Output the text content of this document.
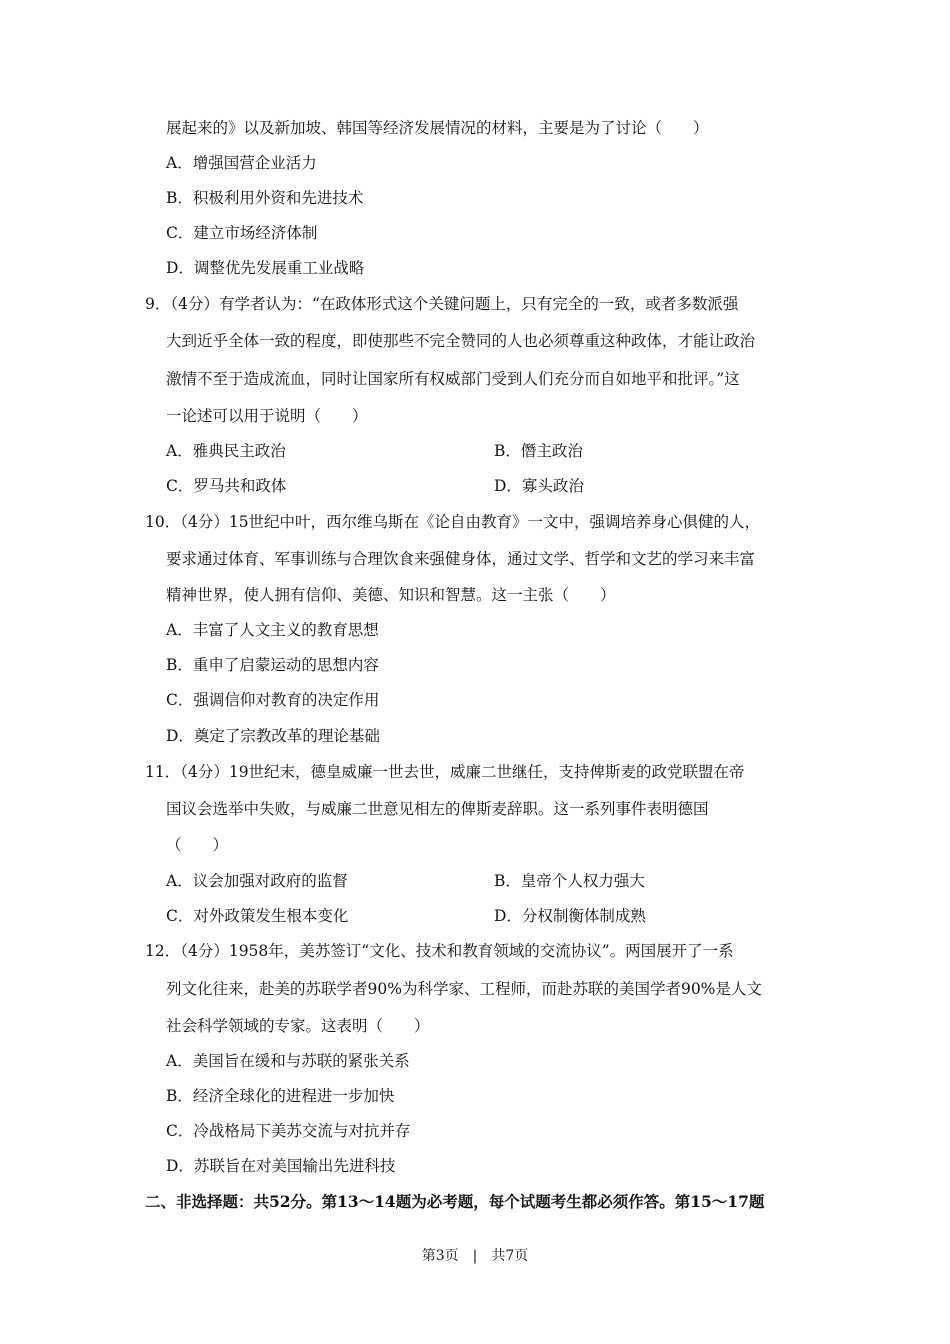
展起来的》以及新加坡、韩国等经济发展情况的材料，主要是为了讨论（　　）
A．增强国营企业活力
B．积极利用外资和先进技术
C．建立市场经济体制
D．调整优先发展重工业战略
9．（4分）有学者认为：“在政体形式这个关键问题上，只有完全的一致，或者多数派强
大到近乎全体一致的程度，即使那些不完全赞同的人也必须尊重这种政体，才能让政治
激情不至于造成流血，同时让国家所有权威部门受到人们充分而自如地平和批评。”这
一论述可以用于说明（　　）
A．雅典民主政治	B．僭主政治
C．罗马共和政体	D．寡头政治
10．（4分）15世纪中叶，西尔维乌斯在《论自由教育》一文中，强调培养身心俱健的人，
要求通过体育、军事训练与合理饮食来强健身体，通过文学、哲学和文艺的学习来丰富
精神世界，使人拥有信仰、美德、知识和智慧。这一主张（　　）
A．丰富了人文主义的教育思想
B．重申了启蒙运动的思想内容
C．强调信仰对教育的决定作用
D．奠定了宗教改革的理论基础
11．（4分）19世纪末，德皇威廉一世去世，威廉二世继任，支持俾斯麦的政党联盟在帝
国议会选举中失败，与威廉二世意见相左的俾斯麦辞职。这一系列事件表明德国
（　　）
A．议会加强对政府的监督	B．皇帝个人权力强大
C．对外政策发生根本变化	D．分权制衡体制成熟
12．（4分）1958年，美苏签订“文化、技术和教育领域的交流协议”。两国展开了一系
列文化往来，赴美的苏联学者90%为科学家、工程师，而赴苏联的美国学者90%是人文
社会科学领域的专家。这表明（　　）
A．美国旨在缓和与苏联的紧张关系
B．经济全球化的进程进一步加快
C．冷战格局下美苏交流与对抗并存
D．苏联旨在对美国输出先进科技
二、非选择题：共52分。第13～14题为必考题，每个试题考生都必须作答。第15～17题
第3页　|　共7页
